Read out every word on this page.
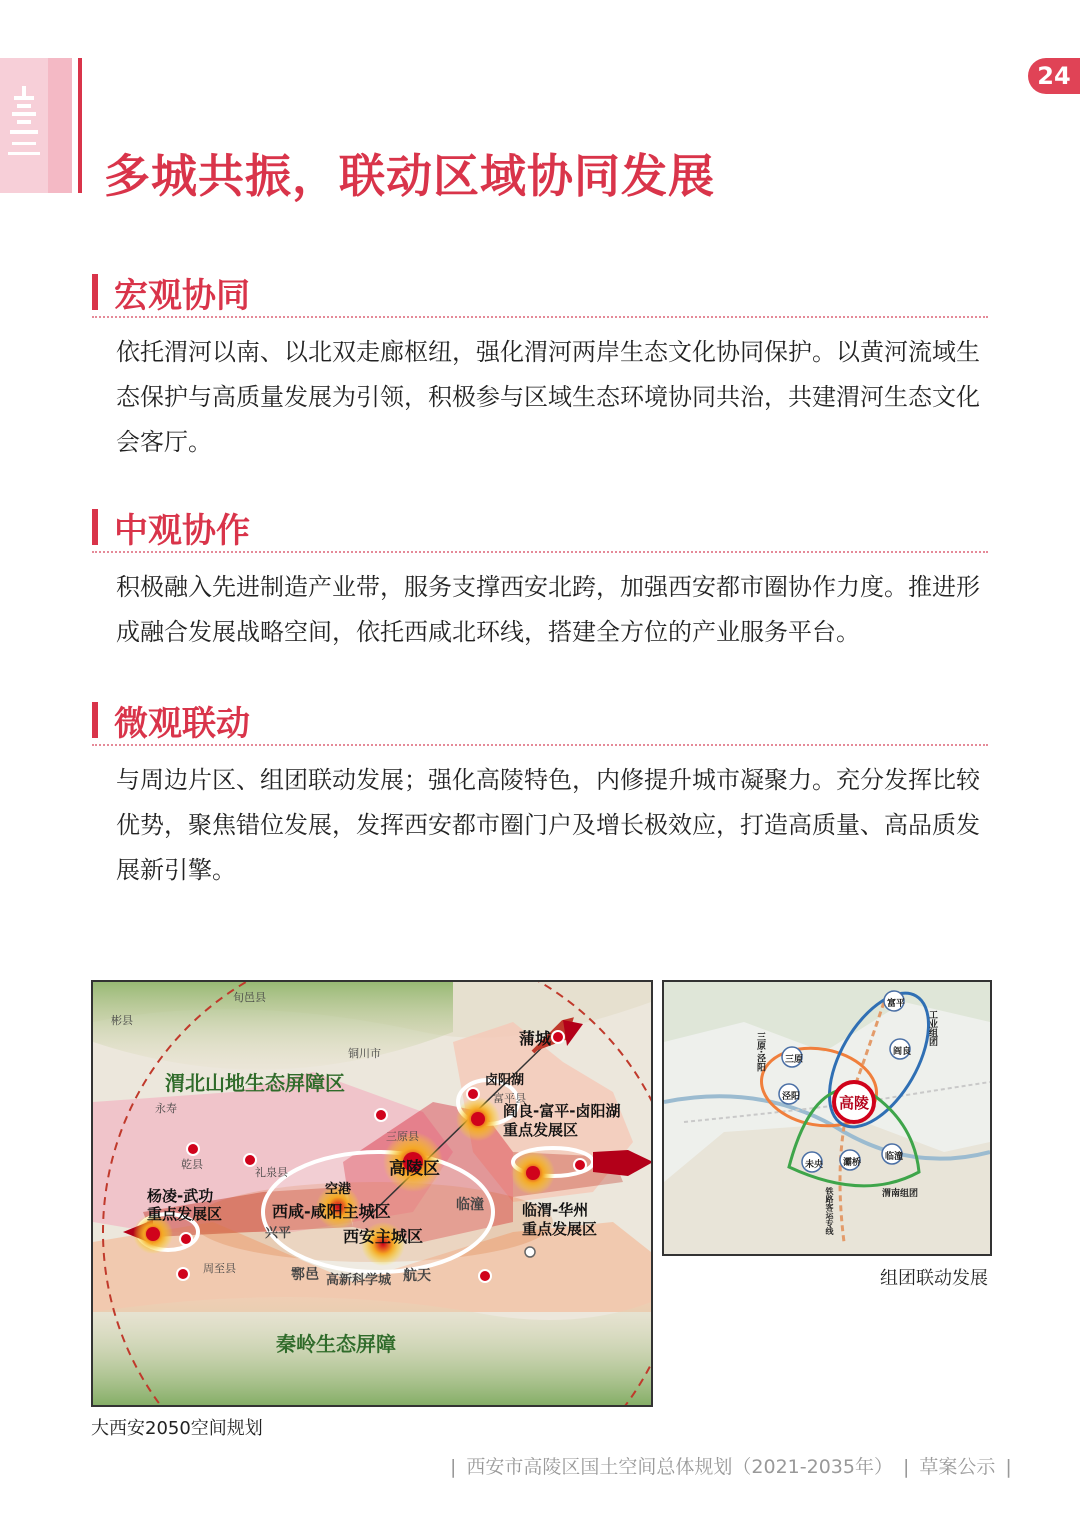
24
多城共振，联动区域协同发展
宏观协同

依托渭河以南、以北双走廊枢纽，强化渭河两岸生态文化协同保护。以黄河流域生态保护与高质量发展为引领，积极参与区域生态环境协同共治，共建渭河生态文化会客厅。

中观协作

积极融入先进制造产业带，服务支撑西安北跨，加强西安都市圈协作力度。推进形成融合发展战略空间，依托西咸北环线，搭建全方位的产业服务平台。

微观联动

与周边片区、组团联动发展；强化高陵特色，内修提升城市凝聚力。充分发挥比较优势，聚焦错位发展，发挥西安都市圈门户及增长极效应，打造高质量、高品质发展新引擎。

渭北山地生态屏障区
秦岭生态屏障
蒲城
卤阳湖
阎良-富平-卤阳湖
重点发展区
高陵区
杨凌-武功
重点发展区	西咸-咸阳主城区
西安主城区
空港
临潼	临渭-华州
重点发展区
兴平
鄠邑 高新科学城 航天
铜川市
三原县
礼泉县
乾县
周至县
旬邑县
彬县
永寿
富平县
大西安2050空间规划
高陵
富平
阎良
三原
泾阳
未央 灞桥
临潼
渭南组团
工业组团
三原·泾阳
铁路客运专线
组团联动发展
| 西安市高陵区国土空间总体规划（2021-2035年） | 草案公示 |
